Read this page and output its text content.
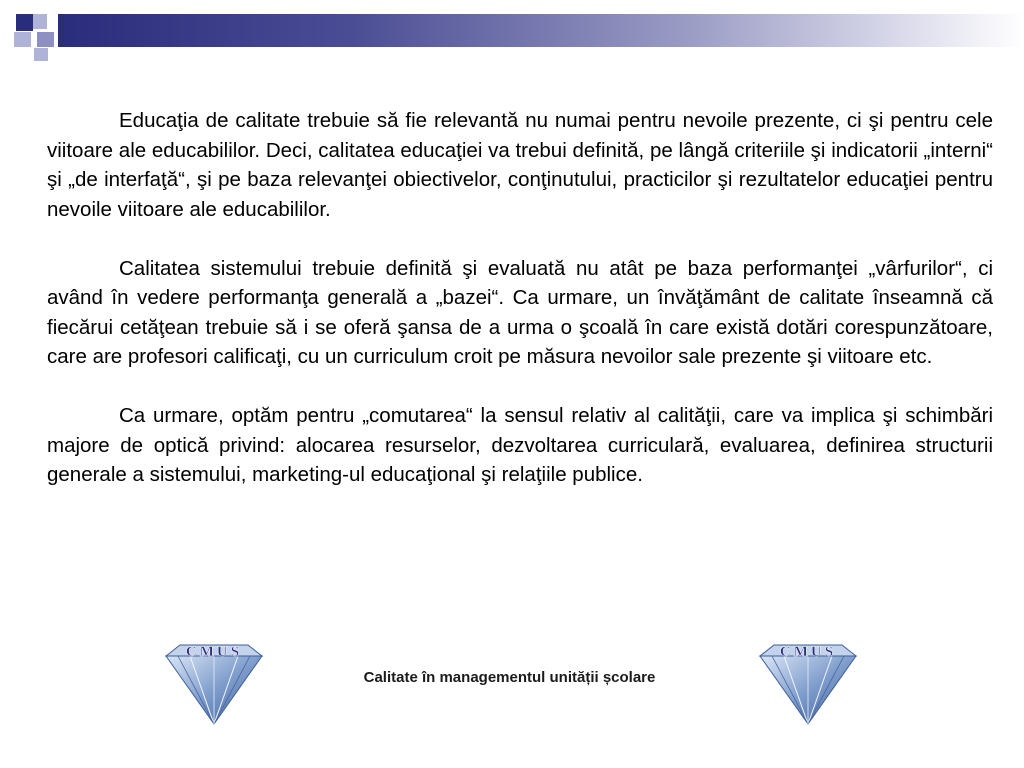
Educaţia de calitate trebuie să fie relevantă nu numai pentru nevoile prezente, ci şi pentru cele viitoare ale educabililor. Deci, calitatea educaţiei va trebui definită, pe lângă criteriile şi indicatorii „interni“ şi „de interfaţă“, şi pe baza relevanţei obiectivelor, conţinutului, practicilor şi rezultatelor educaţiei pentru nevoile viitoare ale educabililor.

Calitatea sistemului trebuie definită şi evaluată nu atât pe baza performanţei „vârfurilor“, ci având în vedere performanţa generală a „bazei“. Ca urmare, un învăţământ de calitate înseamnă că fiecărui cetăţean trebuie să i se oferă şansa de a urma o şcoală în care există dotări corespunzătoare, care are profesori calificaţi, cu un curriculum croit pe măsura nevoilor sale prezente şi viitoare etc.

Ca urmare, optăm pentru „comutarea“ la sensul relativ al calităţii, care va implica şi schimbări majore de optică privind: alocarea resurselor, dezvoltarea curriculară, evaluarea, definirea structurii generale a sistemului, marketing-ul educaţional şi relaţiile publice.

CMUS
Calitate în managementul unității școlare
CMUS
